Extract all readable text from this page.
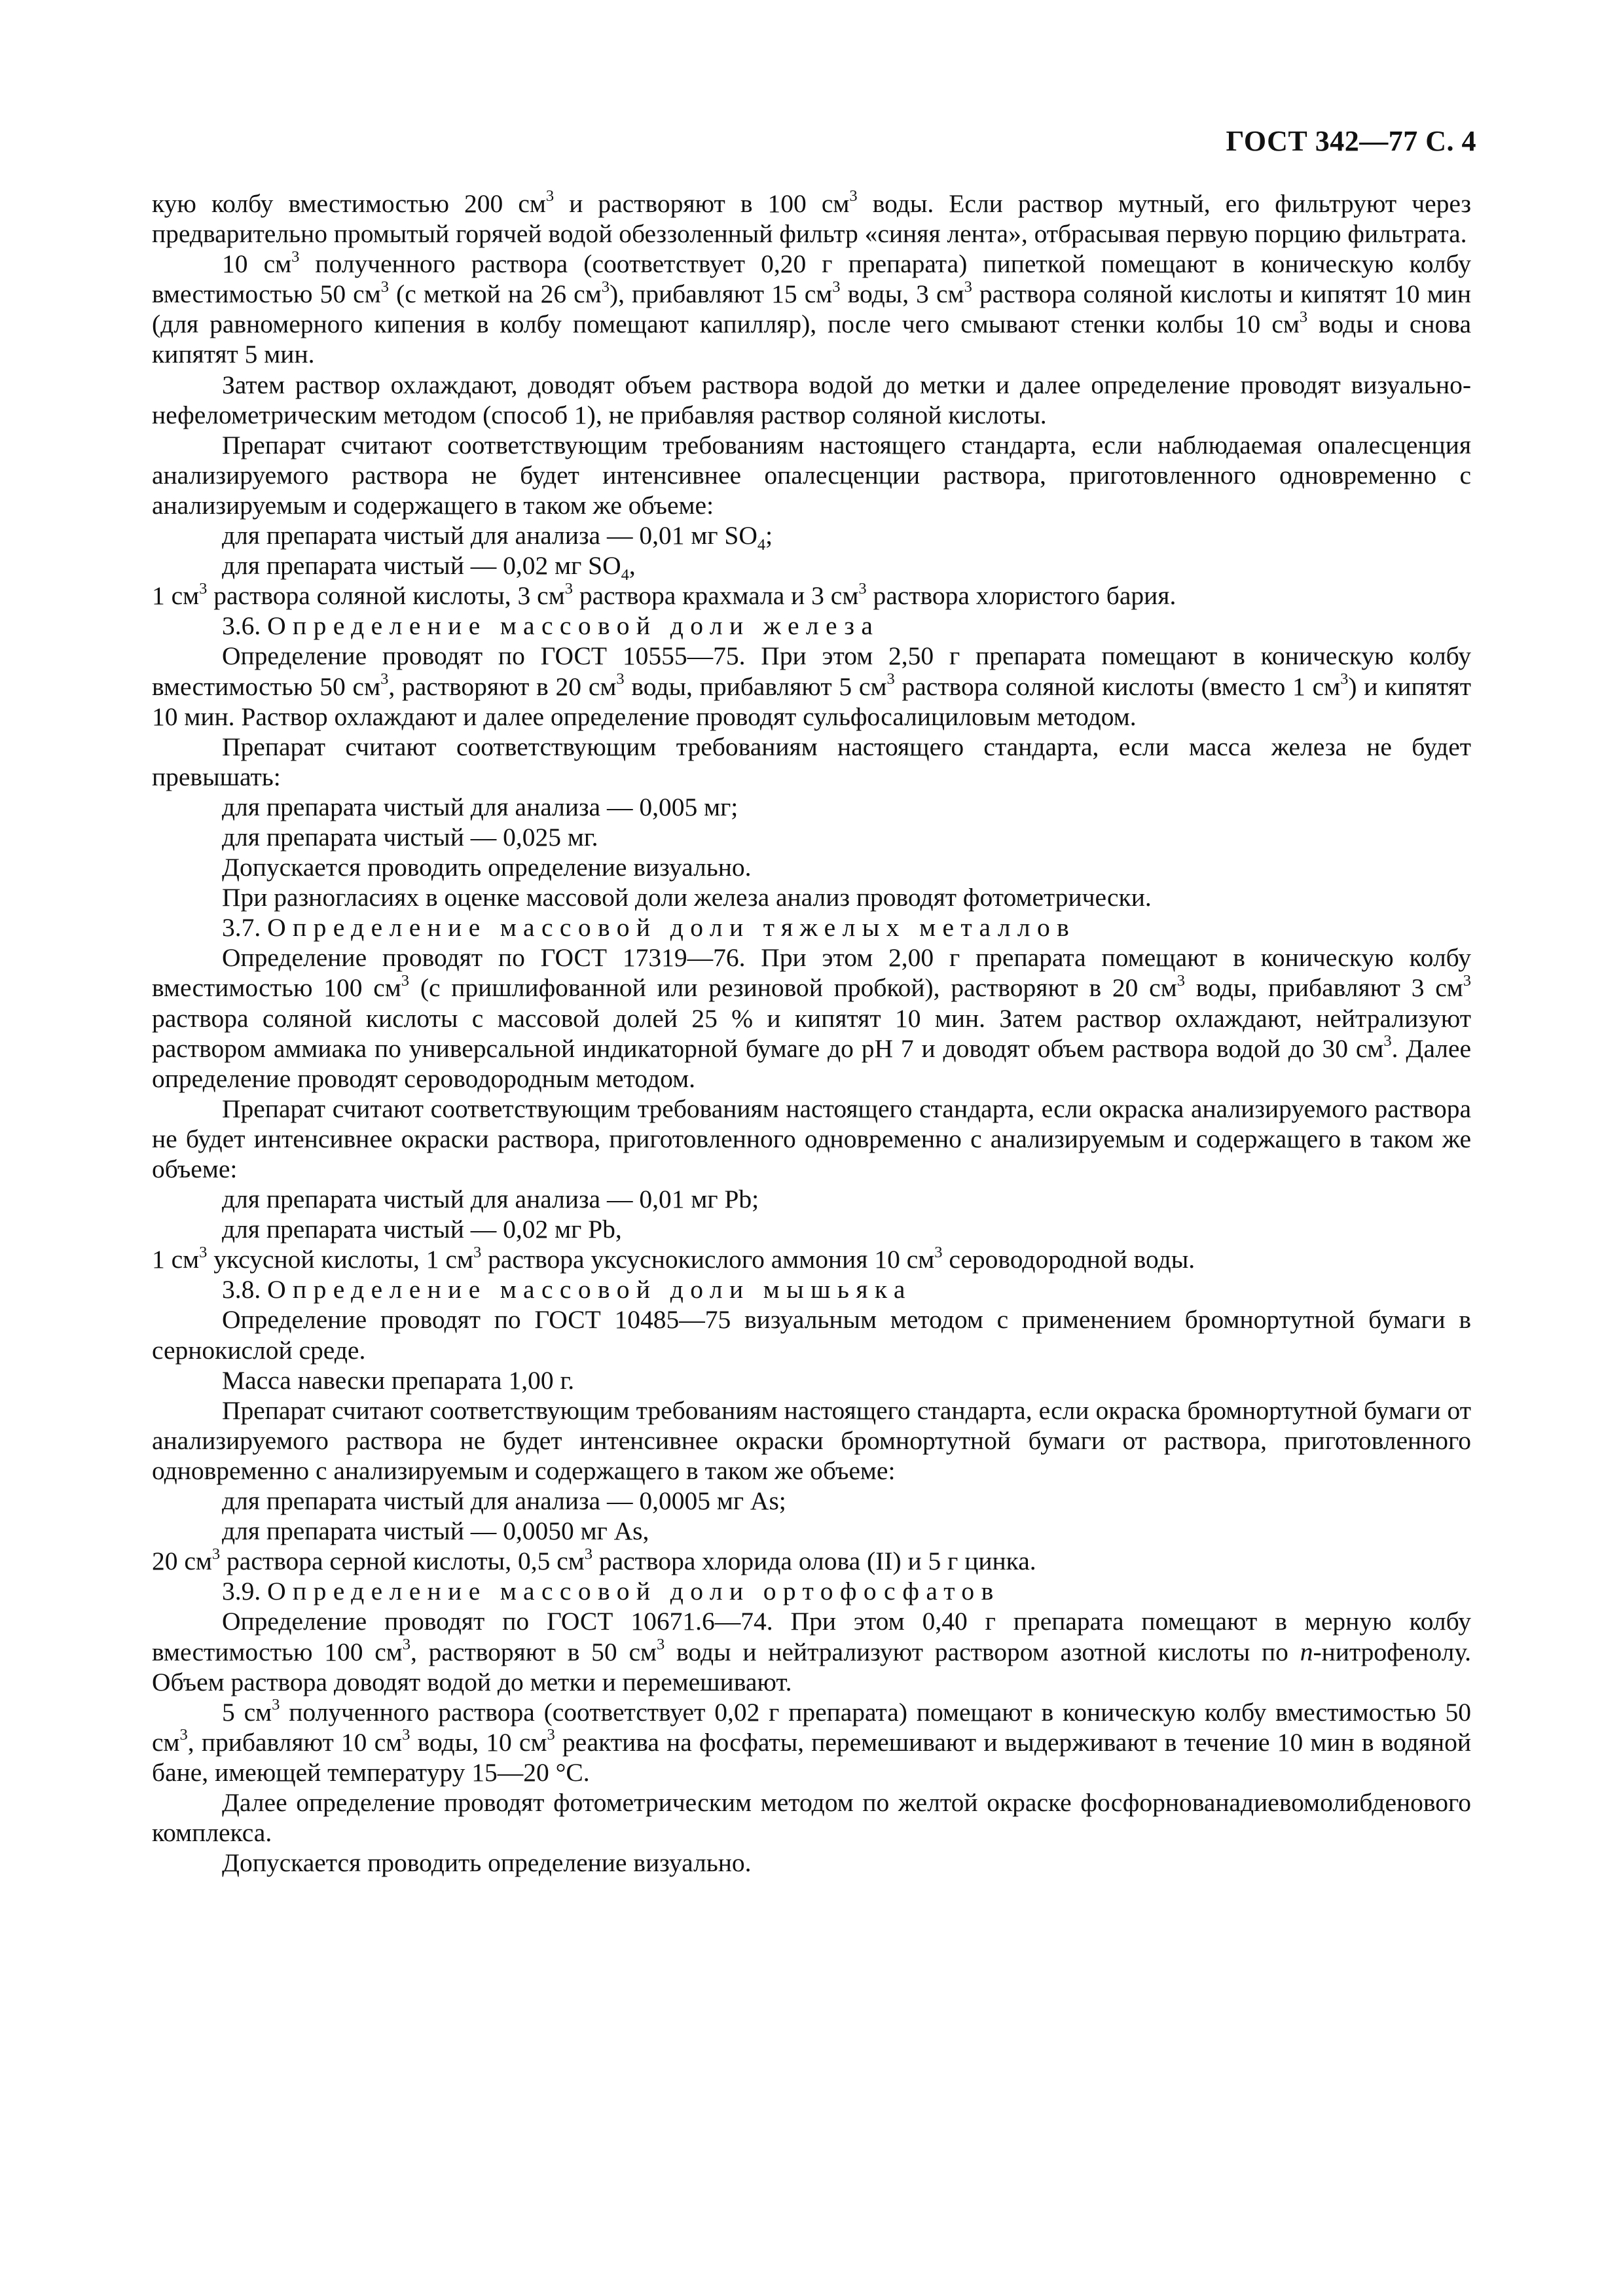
ГОСТ 342—77 С. 4

кую колбу вместимостью 200 $см^3$ и растворяют в 100 $см^3$ воды. Если раствор мутный, его фильтруют через предварительно промытый горячей водой обеззоленный фильтр «синяя лента», отбрасывая первую порцию фильтрата.

10 $см^3$ полученного раствора (соответствует 0,20 г препарата) пипеткой помещают в коническую колбу вместимостью 50 $см^3$ (с меткой на 26 $см^3$), прибавляют 15 $см^3$ воды, 3 $см^3$ раствора соляной кислоты и кипятят 10 мин (для равномерного кипения в колбу помещают капилляр), после чего смывают стенки колбы 10 $см^3$ воды и снова кипятят 5 мин.

Затем раствор охлаждают, доводят объем раствора водой до метки и далее определение проводят визуально-нефелометрическим методом (способ 1), не прибавляя раствор соляной кислоты.

Препарат считают соответствующим требованиям настоящего стандарта, если наблюдаемая опалесценция анализируемого раствора не будет интенсивнее опалесценции раствора, приготовленного одновременно с анализируемым и содержащего в таком же объеме:

для препарата чистый для анализа — 0,01 мг $SO_4$;

для препарата чистый — 0,02 мг $SO_4$,

1 $см^3$ раствора соляной кислоты, 3 $см^3$ раствора крахмала и 3 $см^3$ раствора хлористого бария.

3.6. Определение массовой доли железа

Определение проводят по ГОСТ 10555—75. При этом 2,50 г препарата помещают в коническую колбу вместимостью 50 $см^3$, растворяют в 20 $см^3$ воды, прибавляют 5 $см^3$ раствора соляной кислоты (вместо 1 $см^3$) и кипятят 10 мин. Раствор охлаждают и далее определение проводят сульфосалициловым методом.

Препарат считают соответствующим требованиям настоящего стандарта, если масса железа не будет превышать:

для препарата чистый для анализа — 0,005 мг;

для препарата чистый — 0,025 мг.

Допускается проводить определение визуально.

При разногласиях в оценке массовой доли железа анализ проводят фотометрически.

3.7. Определение массовой доли тяжелых металлов

Определение проводят по ГОСТ 17319—76. При этом 2,00 г препарата помещают в коническую колбу вместимостью 100 $см^3$ (с пришлифованной или резиновой пробкой), растворяют в 20 $см^3$ воды, прибавляют 3 $см^3$ раствора соляной кислоты с массовой долей 25 % и кипятят 10 мин. Затем раствор охлаждают, нейтрализуют раствором аммиака по универсальной индикаторной бумаге до pH 7 и доводят объем раствора водой до 30 $см^3$. Далее определение проводят сероводородным методом.

Препарат считают соответствующим требованиям настоящего стандарта, если окраска анализируемого раствора не будет интенсивнее окраски раствора, приготовленного одновременно с анализируемым и содержащего в таком же объеме:

для препарата чистый для анализа — 0,01 мг Pb;

для препарата чистый — 0,02 мг Pb,

1 $см^3$ уксусной кислоты, 1 $см^3$ раствора уксуснокислого аммония 10 $см^3$ сероводородной воды.

3.8. Определение массовой доли мышьяка

Определение проводят по ГОСТ 10485—75 визуальным методом с применением бромнортутной бумаги в сернокислой среде.

Масса навески препарата 1,00 г.

Препарат считают соответствующим требованиям настоящего стандарта, если окраска бромнортутной бумаги от анализируемого раствора не будет интенсивнее окраски бромнортутной бумаги от раствора, приготовленного одновременно с анализируемым и содержащего в таком же объеме:

для препарата чистый для анализа — 0,0005 мг As;

для препарата чистый — 0,0050 мг As,

20 $см^3$ раствора серной кислоты, 0,5 $см^3$ раствора хлорида олова (II) и 5 г цинка.

3.9. Определение массовой доли ортофосфатов

Определение проводят по ГОСТ 10671.6—74. При этом 0,40 г препарата помещают в мерную колбу вместимостью 100 $см^3$, растворяют в 50 $см^3$ воды и нейтрализуют раствором азотной кислоты по n-нитрофенолу. Объем раствора доводят водой до метки и перемешивают.

5 $см^3$ полученного раствора (соответствует 0,02 г препарата) помещают в коническую колбу вместимостью 50 $см^3$, прибавляют 10 $см^3$ воды, 10 $см^3$ реактива на фосфаты, перемешивают и выдерживают в течение 10 мин в водяной бане, имеющей температуру 15—20 °С.

Далее определение проводят фотометрическим методом по желтой окраске фосфорнованадиевомолибденового комплекса.

Допускается проводить определение визуально.
